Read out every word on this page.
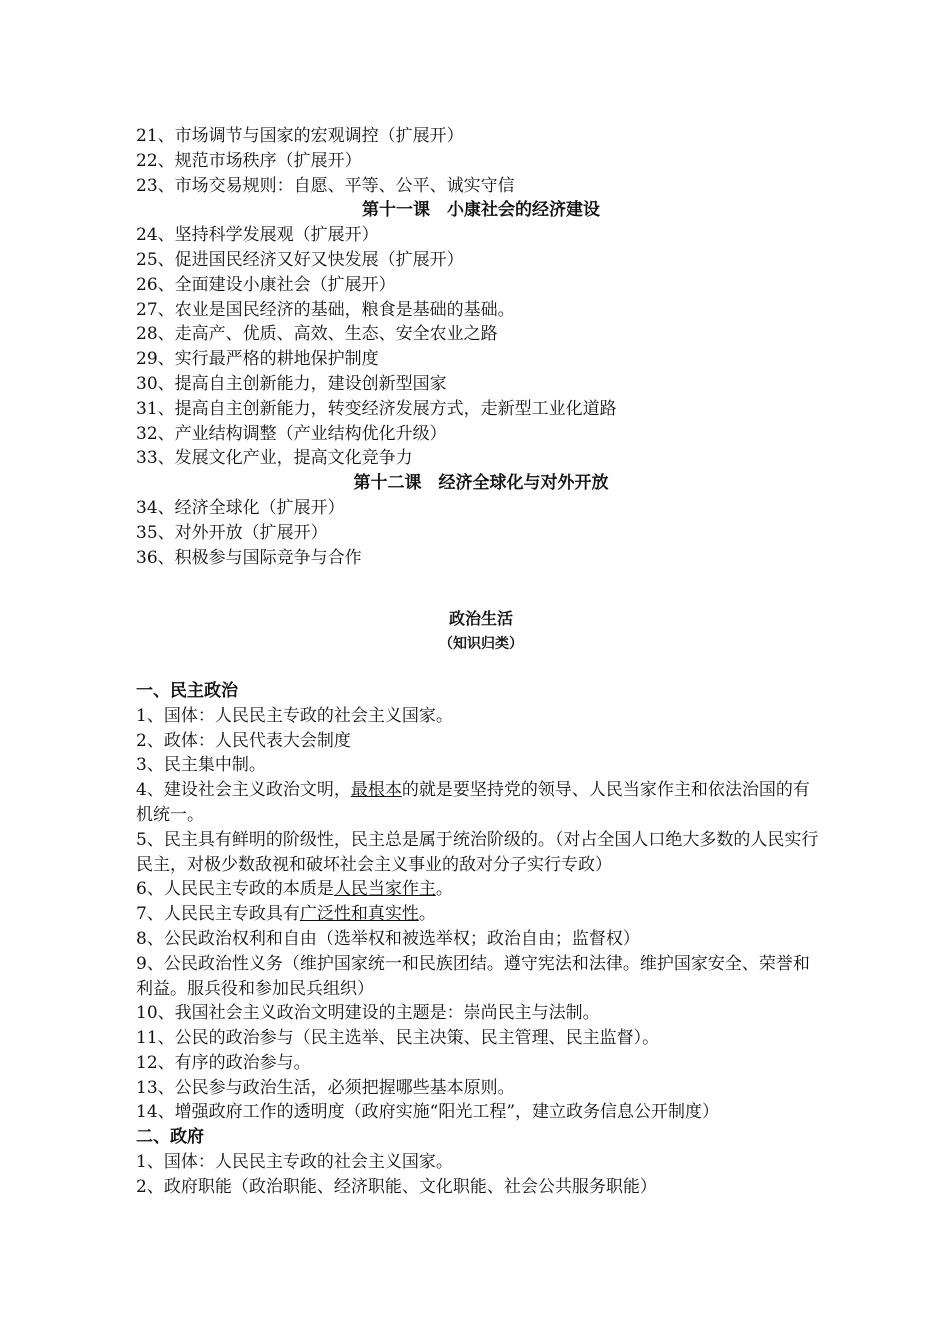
21、市场调节与国家的宏观调控（扩展开）
22、规范市场秩序（扩展开）
23、市场交易规则：自愿、平等、公平、诚实守信
第十一课　小康社会的经济建设
24、坚持科学发展观（扩展开）
25、促进国民经济又好又快发展（扩展开）
26、全面建设小康社会（扩展开）
27、农业是国民经济的基础，粮食是基础的基础。
28、走高产、优质、高效、生态、安全农业之路
29、实行最严格的耕地保护制度
30、提高自主创新能力，建设创新型国家
31、提高自主创新能力，转变经济发展方式，走新型工业化道路
32、产业结构调整（产业结构优化升级）
33、发展文化产业，提高文化竞争力
第十二课　经济全球化与对外开放
34、经济全球化（扩展开）
35、对外开放（扩展开）
36、积极参与国际竞争与合作
政治生活
（知识归类）
一、民主政治
1、国体：人民民主专政的社会主义国家。
2、政体：人民代表大会制度
3、民主集中制。
4、建设社会主义政治文明，最根本的就是要坚持党的领导、人民当家作主和依法治国的有机统一。
5、民主具有鲜明的阶级性，民主总是属于统治阶级的。（对占全国人口绝大多数的人民实行民主，对极少数敌视和破坏社会主义事业的敌对分子实行专政）
6、人民民主专政的本质是人民当家作主。
7、人民民主专政具有广泛性和真实性。
8、公民政治权利和自由（选举权和被选举权；政治自由；监督权）
9、公民政治性义务（维护国家统一和民族团结。遵守宪法和法律。维护国家安全、荣誉和利益。服兵役和参加民兵组织）
10、我国社会主义政治文明建设的主题是：崇尚民主与法制。
11、公民的政治参与（民主选举、民主决策、民主管理、民主监督）。
12、有序的政治参与。
13、公民参与政治生活，必须把握哪些基本原则。
14、增强政府工作的透明度（政府实施“阳光工程”，建立政务信息公开制度）
二、政府
1、国体：人民民主专政的社会主义国家。
2、政府职能（政治职能、经济职能、文化职能、社会公共服务职能）
